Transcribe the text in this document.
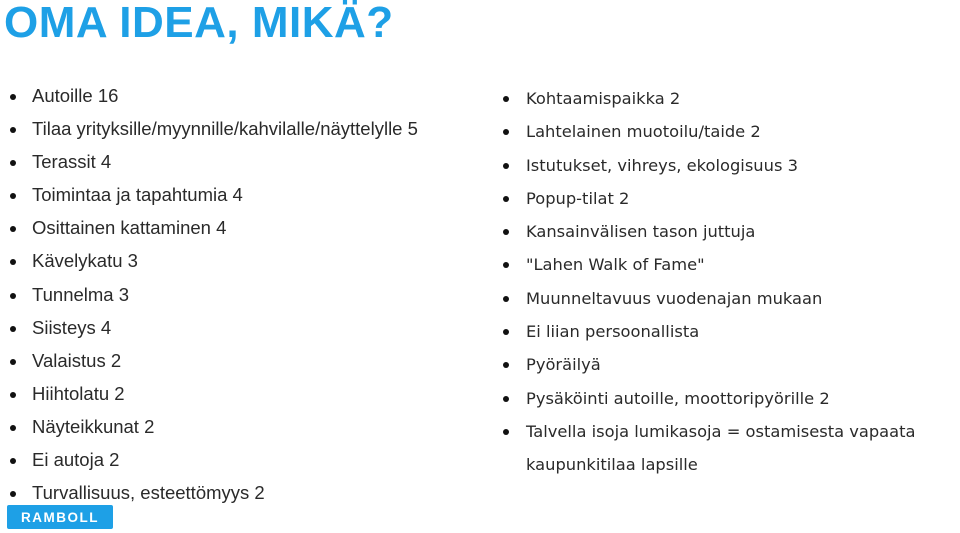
OMA IDEA, MIKÄ?
Autoille 16
Tilaa yrityksille/myynnille/kahvilalle/näyttelylle 5
Terassit 4
Toimintaa ja tapahtumia 4
Osittainen kattaminen 4
Kävelykatu 3
Tunnelma 3
Siisteys 4
Valaistus 2
Hiihtolatu 2
Näyteikkunat 2
Ei autoja 2
Turvallisuus, esteettömyys 2
Kohtaamispaikka 2
Lahtelainen muotoilu/taide 2
Istutukset, vihreys, ekologisuus 3
Popup-tilat 2
Kansainvälisen tason juttuja
"Lahen Walk of Fame"
Muunneltavuus vuodenajan mukaan
Ei liian persoonallista
Pyöräilyä
Pysäköinti autoille, moottoripyörille 2
Talvella isoja lumikasoja = ostamisesta vapaata
kaupunkitilaa lapsille
RAMBOLL
